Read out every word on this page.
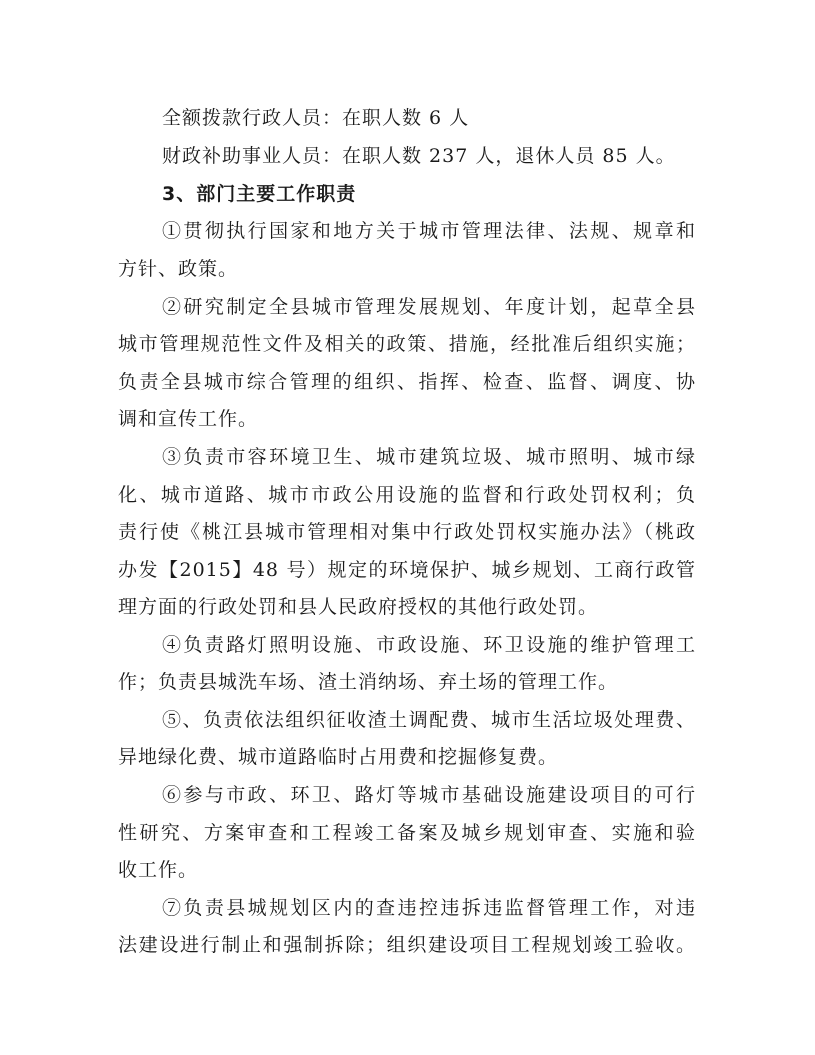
全额拨款行政人员：在职人数 6 人
财政补助事业人员：在职人数 237 人，退休人员 85 人。
3、部门主要工作职责
①贯彻执行国家和地方关于城市管理法律、法规、规章和
方针、政策。
②研究制定全县城市管理发展规划、年度计划，起草全县
城市管理规范性文件及相关的政策、措施，经批准后组织实施；
负责全县城市综合管理的组织、指挥、检查、监督、调度、协
调和宣传工作。
③负责市容环境卫生、城市建筑垃圾、城市照明、城市绿
化、城市道路、城市市政公用设施的监督和行政处罚权利；负
责行使《桃江县城市管理相对集中行政处罚权实施办法》（桃政
办发【2015】48 号）规定的环境保护、城乡规划、工商行政管
理方面的行政处罚和县人民政府授权的其他行政处罚。
④负责路灯照明设施、市政设施、环卫设施的维护管理工
作；负责县城洗车场、渣土消纳场、弃土场的管理工作。
⑤、负责依法组织征收渣土调配费、城市生活垃圾处理费、
异地绿化费、城市道路临时占用费和挖掘修复费。
⑥参与市政、环卫、路灯等城市基础设施建设项目的可行
性研究、方案审查和工程竣工备案及城乡规划审查、实施和验
收工作。
⑦负责县城规划区内的查违控违拆违监督管理工作，对违
法建设进行制止和强制拆除；组织建设项目工程规划竣工验收。
